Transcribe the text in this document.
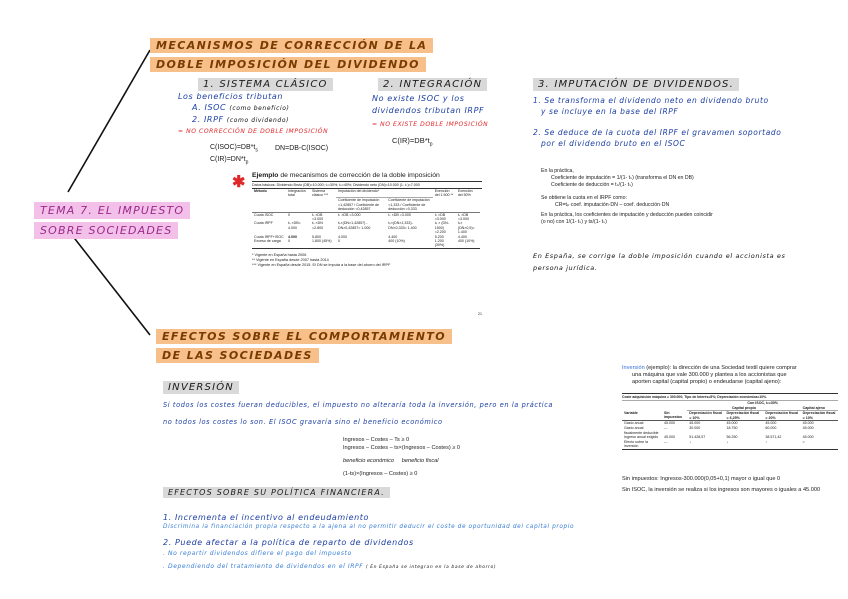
TEMA 7. EL IMPUESTO
SOBRE SOCIEDADES
MECANISMOS DE CORRECCIÓN DE LA
DOBLE IMPOSICIÓN DEL DIVIDENDO
1. SISTEMA CLÁSICO
Los beneficios tributan
A. ISOC (como beneficio)
2. IRPF (como dividendo)
= NO CORRECCIÓN DE DOBLE IMPOSICIÓN
$C(ISOC)=DB*t_s$
$C(IR)=DN*t_p$
DN=DB-C(ISOC)
2. INTEGRACIÓN
No existe ISOC y los
dividendos tributan IRPF
= NO EXISTE DOBLE IMPOSICIÓN
$C(IR)=DB*t_p$
3. IMPUTACIÓN DE DIVIDENDOS.
1. Se transforma el dividendo neto en dividendo bruto
y se incluye en la base del IRPF
2. Se deduce de la cuota del IRPF el gravamen soportado
por el dividendo bruto en el ISOC
En la práctica,
Coeficiente de imputación = 1/(1- tₛ) (transforma el DN en DB)
Coeficiente de deducción = tₛ/(1- tₛ)
Se obtiene la cuota en el IRPF como:
CR=tₚ·coef. imputación·DN – coef. deducción·DN
En la práctica, los coeficientes de imputación y deducción pueden coincidir
(o no) con 1/(1- tₛ) y ts/(1- tₛ)
En España, se corrige la doble imposición cuando el accionista es
persona jurídica.
✱ Ejemplo de mecanismos de corrección de la doble imposición
Datos básicos: Dividendo Bruto (DB)=10.000; tₛ=30%; tₚ=40%; Dividendo neto (DN)=10.000 (1- tₛ)=7.000
Método	Integración total	Sistema clásico ***	Imputación del dividendo*		Exención del 1.500 **	Exención del 50%
			Coeficiente de imputación =1,42857 / Coeficiente de deducción =0,42857	Coeficiente de imputación =1,333 / Coeficiente de deducción =0,333		
Cuota ISOC	0	tₛ ×DB =3.000	tₛ ×DB =3.000	tₛ ×DB =3.000	tₛ ×DB =3.000	tₛ ×DB =3.000
Cuota IRPF	tₚ ×DB= 4.000	tₚ ×DN =2.800	tₚ×(DN×1,42857) -DN×0,42857= 1.000	tₚ×(DN×1,333)- DN×0,333= 1.400	tₚ × (DN-1500) =2.200	tₚ× (DN×0,5)= 1.400
Cuota IRPF+ISOC	4.000	5.800	4.000	4.400	5.200	4.400
Exceso de carga	0	1.800 (45%)	0	400 (10%)	1.200 (30%)	400 (10%)
* Vigente en España hasta 2006
** Vigente en España desde 2007 hasta 2014
*** Vigente en España desde 2015. El DN se imputa a la base del ahorro del IRPF
21
EFECTOS SOBRE EL COMPORTAMIENTO
DE LAS SOCIEDADES
INVERSIÓN
Si todos los costes fueran deducibles, el impuesto no alteraría toda la inversión, pero en la práctica
no todos los costes lo son. El ISOC gravaría sino el beneficio económico
Ingresos – Costes – Ts ≥ 0
Ingresos – Costes – ts×(Ingresos – Costes) ≥ 0
beneficio económico beneficio fiscal
(1-ts)×(Ingresos – Costes) ≥ 0
EFECTOS SOBRE SU POLÍTICA FINANCIERA.
1. Incrementa el incentivo al endeudamiento
Discrimina la financiación propia respecto a la ajena al no permitir deducir el coste de oportunidad del capital propio
2. Puede afectar a la política de reparto de dividendos
. No repartir dividendos difiere el pago del impuesto
. Dependiendo del tratamiento de dividendos en el IRPF ( En España se integran en la base de ahorro)
Inversión (ejemplo): la dirección de una Sociedad textil quiere comprar
una máquina que vale 300.000 y plantea a los accionistas que
aporten capital (capital propio) o endeudarse (capital ajeno):
Coste adquisición máquina = 300.000; Tipo de Interés=5%; Depreciación económica=10%.
		Con ISOC, tₛ=30%			
		Capital propio			Capital ajeno
Variable	Sin impuestos	Depreciación fiscal = 10%	Depreciación fiscal = 6,25%	Depreciación fiscal = 20%	Depreciación fiscal = 10%
Gasto anual	45.000	45.000	45.000	45.000	45.000
Gasto anual fiscalmente deducible	---	30.000	18.750	60.000	45.000
Ingreso anual exigido	45.000	51.428,57	56.250	38.571,42	45.000
Efecto sobre la inversión	---	↓	↓	↑	=
Sin impuestos: Ingresos-300.000(0,05+0,1) mayor o igual que 0
Sin ISOC, la inversión se realiza si los ingresos son mayores o iguales a 45.000
